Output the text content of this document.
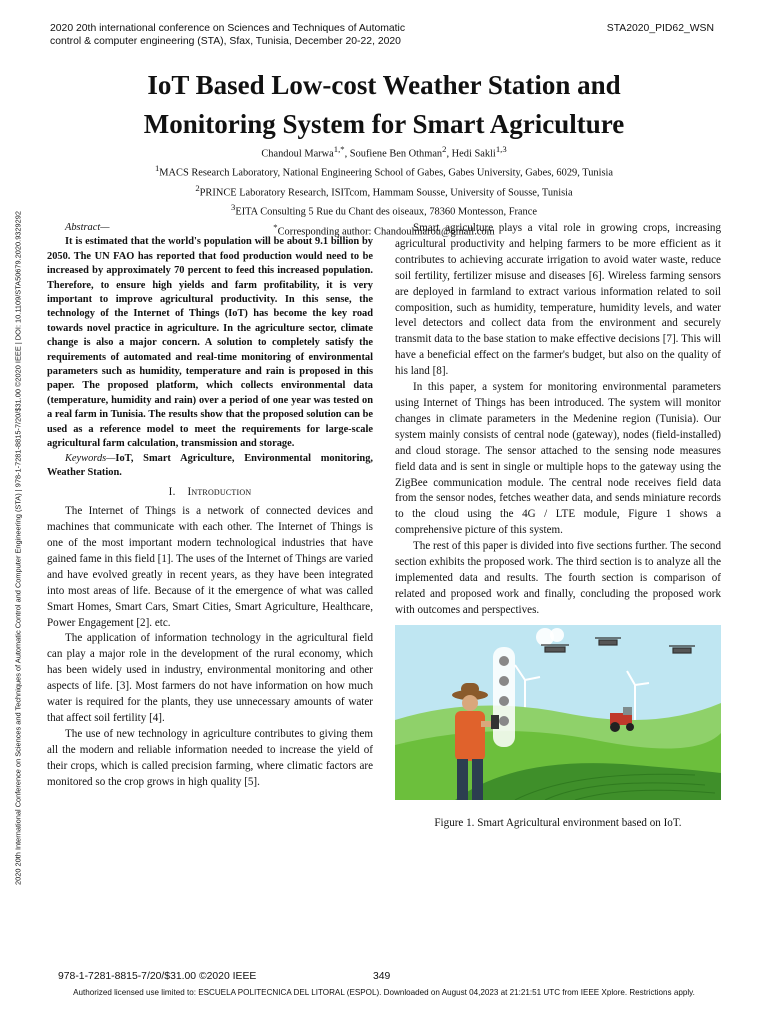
2020 20th international conference on Sciences and Techniques of Automatic
control & computer engineering (STA), Sfax, Tunisia, December 20-22, 2020
STA2020_PID62_WSN
IoT Based Low-cost Weather Station and
Monitoring System for Smart Agriculture
Chandoul Marwa$^{1,*}$, Soufiene Ben Othman$^2$, Hedi Sakli$^{1,3}$
$^1$MACS Research Laboratory, National Engineering School of Gabes, Gabes University, Gabes, 6029, Tunisia
$^2$PRINCE Laboratory Research, ISITcom, Hammam Sousse, University of Sousse, Tunisia
$^3$EITA Consulting 5 Rue du Chant des oiseaux, 78360 Montesson, France
*Corresponding author: Chandoulmarou@gmail.com
2020 20th International Conference on Sciences and Techniques of Automatic Control and Computer Engineering (STA) | 978-1-7281-8815-7/20/$31.00 ©2020 IEEE | DOI: 10.1109/STA50679.2020.9329292	Abstract—
It is estimated that the world's population will be about 9.1 billion by 2050. The UN FAO has reported that food production would need to be increased by approximately 70 percent to feed this increased population. Therefore, to ensure high yields and farm profitability, it is very important to improve agricultural productivity. In this sense, the technology of the Internet of Things (IoT) has become the key road towards novel practice in agriculture. In the agriculture sector, climate change is also a major concern. A solution to completely satisfy the requirements of automated and real-time monitoring of environmental parameters such as humidity, temperature and rain is proposed in this paper. The proposed platform, which collects environmental data (temperature, humidity and rain) over a period of one year was tested on a real farm in Tunisia. The results show that the proposed solution can be used as a reference model to meet the requirements for large-scale agricultural farm calculation, transmission and storage.

Keywords—IoT, Smart Agriculture, Environmental monitoring, Weather Station.

I. Introduction

The Internet of Things is a network of connected devices and machines that communicate with each other. The Internet of Things is one of the most important modern technological industries that have gained fame in this field [1]. The uses of the Internet of Things are varied and have evolved greatly in recent years, as they have been integrated into most areas of life. Because of it the emergence of what was called Smart Homes, Smart Cars, Smart Cities, Smart Agriculture, Healthcare, Power Engagement [2]. etc.

The application of information technology in the agricultural field can play a major role in the development of the rural economy, which has been widely used in industry, environmental monitoring and other aspects of life. [3]. Most farmers do not have information on how much water is required for the plants, they use unnecessary amounts of water that affect soil fertility [4].

The use of new technology in agriculture contributes to giving them all the modern and reliable information needed to increase the yield of their crops, which is called precision farming, where climatic factors are monitored so the crop grows in high quality [5].

Smart agriculture plays a vital role in growing crops, increasing agricultural productivity and helping farmers to be more efficient as it contributes to achieving accurate irrigation to avoid water waste, reduce soil fertility, fertilizer misuse and diseases [6]. Wireless farming sensors are deployed in farmland to extract various information related to soil composition, such as humidity, temperature, humidity levels, and water level detectors and collect data from the environment and securely transmit data to the base station to make effective decisions [7]. This will have a beneficial effect on the farmer's budget, but also on the quality of his land [8].

In this paper, a system for monitoring environmental parameters using Internet of Things has been introduced. The system will monitor changes in climate parameters in the Medenine region (Tunisia). Our system mainly consists of central node (gateway), nodes (field-installed) and cloud storage. The sensor attached to the sensing node measures field data and is sent in single or multiple hops to the gateway using the ZigBee communication module. The central node receives field data from the sensor nodes, fetches weather data, and sends miniature records to the cloud using the 4G / LTE module, Figure 1 shows a comprehensive picture of this system.

The rest of this paper is divided into five sections further. The second section exhibits the proposed work. The third section is to analyze all the implemented data and results. The fourth section is comparison of related and proposed work and finally, concluding the proposed work with outcomes and perspectives.

Figure 1. Smart Agricultural environment based on IoT.
978-1-7281-8815-7/20/$31.00 ©2020 IEEE	349
Authorized licensed use limited to: ESCUELA POLITECNICA DEL LITORAL (ESPOL). Downloaded on August 04,2023 at 21:21:51 UTC from IEEE Xplore. Restrictions apply.
